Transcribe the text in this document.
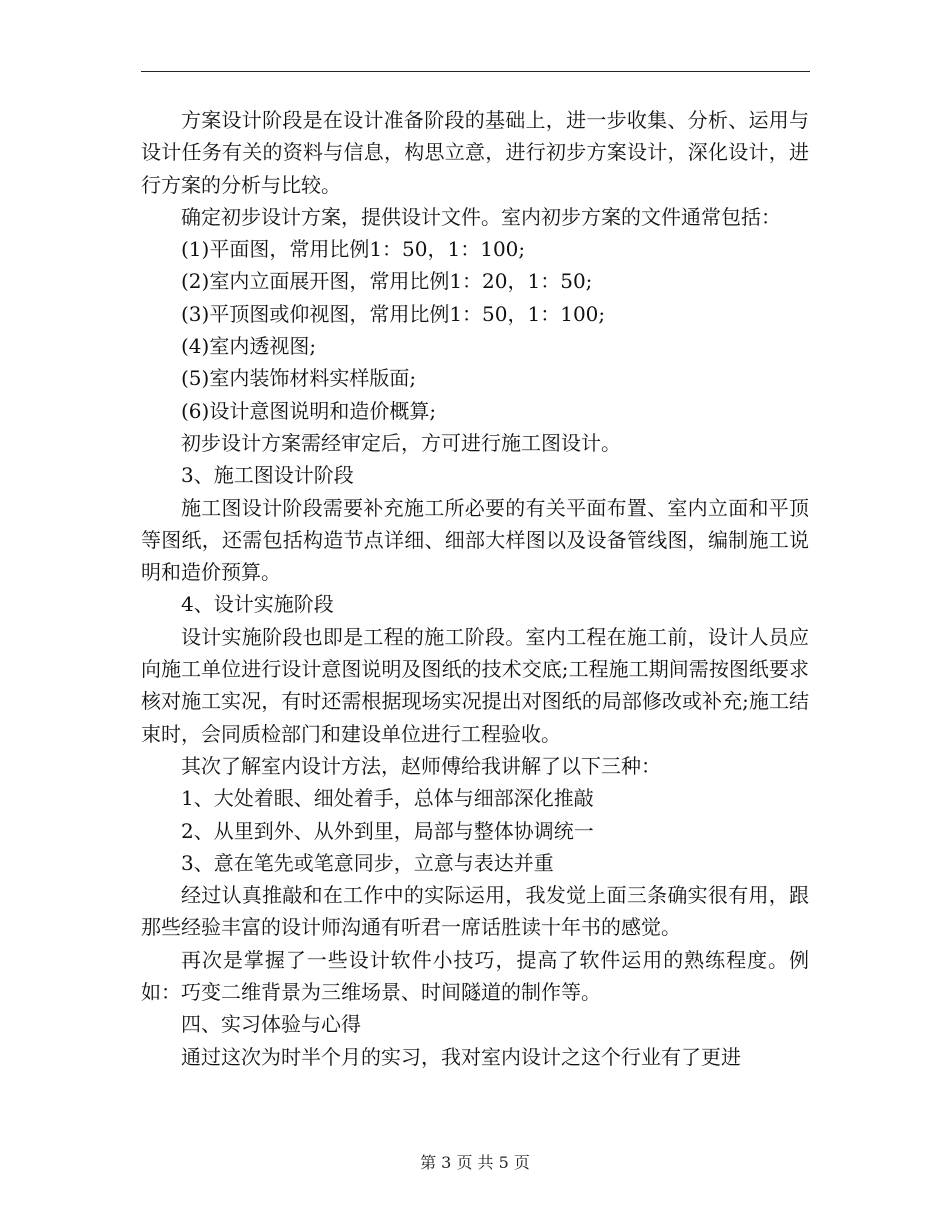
方案设计阶段是在设计准备阶段的基础上，进一步收集、分析、运用与设计任务有关的资料与信息，构思立意，进行初步方案设计，深化设计，进行方案的分析与比较。

确定初步设计方案，提供设计文件。室内初步方案的文件通常包括：

(1)平面图，常用比例1：50，1：100;

(2)室内立面展开图，常用比例1：20，1：50;

(3)平顶图或仰视图，常用比例1：50，1：100;

(4)室内透视图;

(5)室内装饰材料实样版面;

(6)设计意图说明和造价概算;

初步设计方案需经审定后，方可进行施工图设计。

3、施工图设计阶段

施工图设计阶段需要补充施工所必要的有关平面布置、室内立面和平顶等图纸，还需包括构造节点详细、细部大样图以及设备管线图，编制施工说明和造价预算。

4、设计实施阶段

设计实施阶段也即是工程的施工阶段。室内工程在施工前，设计人员应向施工单位进行设计意图说明及图纸的技术交底;工程施工期间需按图纸要求核对施工实况，有时还需根据现场实况提出对图纸的局部修改或补充;施工结束时，会同质检部门和建设单位进行工程验收。

其次了解室内设计方法，赵师傅给我讲解了以下三种：

1、大处着眼、细处着手，总体与细部深化推敲

2、从里到外、从外到里，局部与整体协调统一

3、意在笔先或笔意同步，立意与表达并重

经过认真推敲和在工作中的实际运用，我发觉上面三条确实很有用，跟那些经验丰富的设计师沟通有听君一席话胜读十年书的感觉。

再次是掌握了一些设计软件小技巧，提高了软件运用的熟练程度。例如：巧变二维背景为三维场景、时间隧道的制作等。

四、实习体验与心得

通过这次为时半个月的实习，我对室内设计之这个行业有了更进

第 3 页 共 5 页
